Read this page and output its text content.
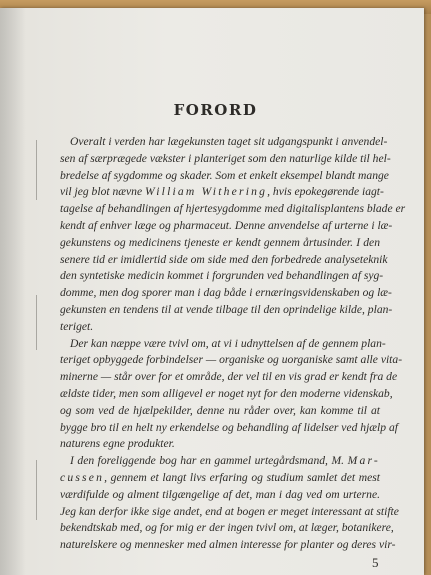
FORORD
Overalt i verden har lægekunsten taget sit udgangspunkt i anvendel-
sen af særprægede vækster i planteriget som den naturlige kilde til hel-
bredelse af sygdomme og skader. Som et enkelt eksempel blandt mange
vil jeg blot nævne William Withering, hvis epokegørende iagt-
tagelse af behandlingen af hjertesygdomme med digitalisplantens blade er
kendt af enhver læge og pharmaceut. Denne anvendelse af urterne i læ-
gekunstens og medicinens tjeneste er kendt gennem årtusinder. I den
senere tid er imidlertid side om side med den forbedrede analyseteknik
den syntetiske medicin kommet i forgrunden ved behandlingen af syg-
domme, men dog sporer man i dag både i ernæringsvidenskaben og læ-
gekunsten en tendens til at vende tilbage til den oprindelige kilde, plan-
teriget.
Der kan næppe være tvivl om, at vi i udnyttelsen af de gennem plan-
teriget opbyggede forbindelser — organiske og uorganiske samt alle vita-
minerne — står over for et område, der vel til en vis grad er kendt fra de
ældste tider, men som alligevel er noget nyt for den moderne videnskab,
og som ved de hjælpekilder, denne nu råder over, kan komme til at
bygge bro til en helt ny erkendelse og behandling af lidelser ved hjælp af
naturens egne produkter.
I den foreliggende bog har en gammel urtegårdsmand, M. Mar-
cussen, gennem et langt livs erfaring og studium samlet det mest
værdifulde og alment tilgængelige af det, man i dag ved om urterne.
Jeg kan derfor ikke sige andet, end at bogen er meget interessant at stifte
bekendtskab med, og for mig er der ingen tvivl om, at læger, botanikere,
naturelskere og mennesker med almen interesse for planter og deres vir-
5
